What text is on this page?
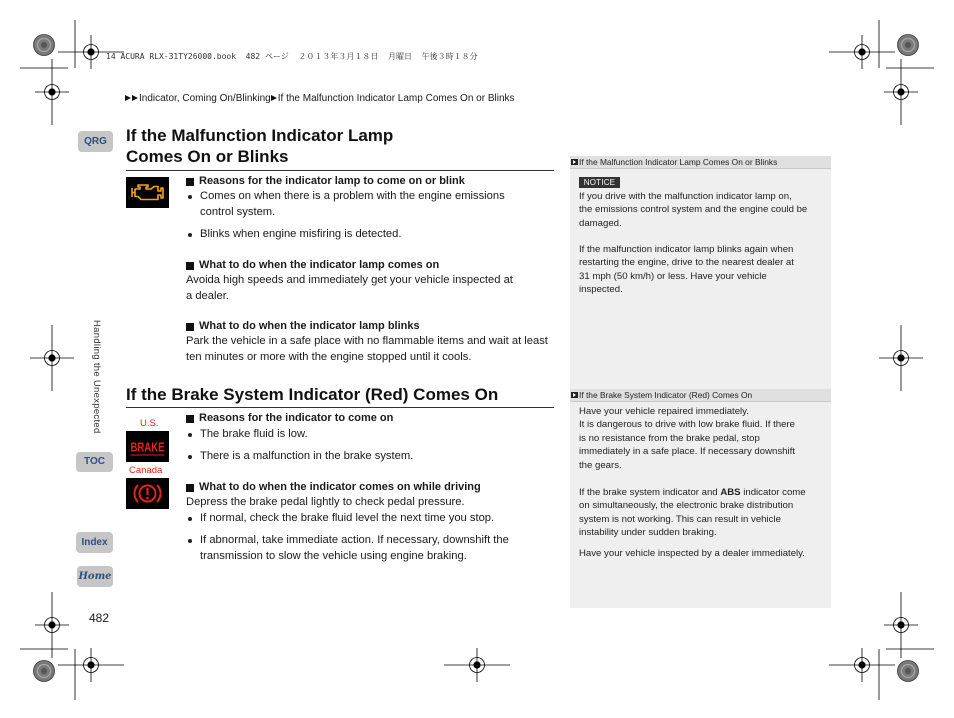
14 ACURA RLX-31TY26000.book  482 ページ  ２０１３年３月１８日  月曜日  午後３時１８分
Indicator, Coming On/Blinking If the Malfunction Indicator Lamp Comes On or Blinks
QRG
Handling the Unexpected
TOC
Index
Home
482
If the Malfunction Indicator Lamp Comes On or Blinks
Reasons for the indicator lamp to come on or blink
Comes on when there is a problem with the engine emissions
control system.
Blinks when engine misfiring is detected.
What to do when the indicator lamp comes on
Avoida high speeds and immediately get your vehicle inspected at
a dealer.
What to do when the indicator lamp blinks
Park the vehicle in a safe place with no flammable items and wait at least
ten minutes or more with the engine stopped until it cools.
If the Brake System Indicator (Red) Comes On
U.S.
BRAKE
Canada
Reasons for the indicator to come on
The brake fluid is low.
There is a malfunction in the brake system.
What to do when the indicator comes on while driving
Depress the brake pedal lightly to check pedal pressure.
If normal, check the brake fluid level the next time you stop.
If abnormal, take immediate action. If necessary, downshift the
transmission to slow the vehicle using engine braking.
If the Malfunction Indicator Lamp Comes On or Blinks
NOTICE
If you drive with the malfunction indicator lamp on,
the emissions control system and the engine could be
damaged.
If the malfunction indicator lamp blinks again when
restarting the engine, drive to the nearest dealer at
31 mph (50 km/h) or less. Have your vehicle
inspected.
If the Brake System Indicator (Red) Comes On
Have your vehicle repaired immediately.
It is dangerous to drive with low brake fluid. If there
is no resistance from the brake pedal, stop
immediately in a safe place. If necessary downshift
the gears.
If the brake system indicator and ABS indicator come
on simultaneously, the electronic brake distribution
system is not working. This can result in vehicle
instability under sudden braking.
Have your vehicle inspected by a dealer immediately.
